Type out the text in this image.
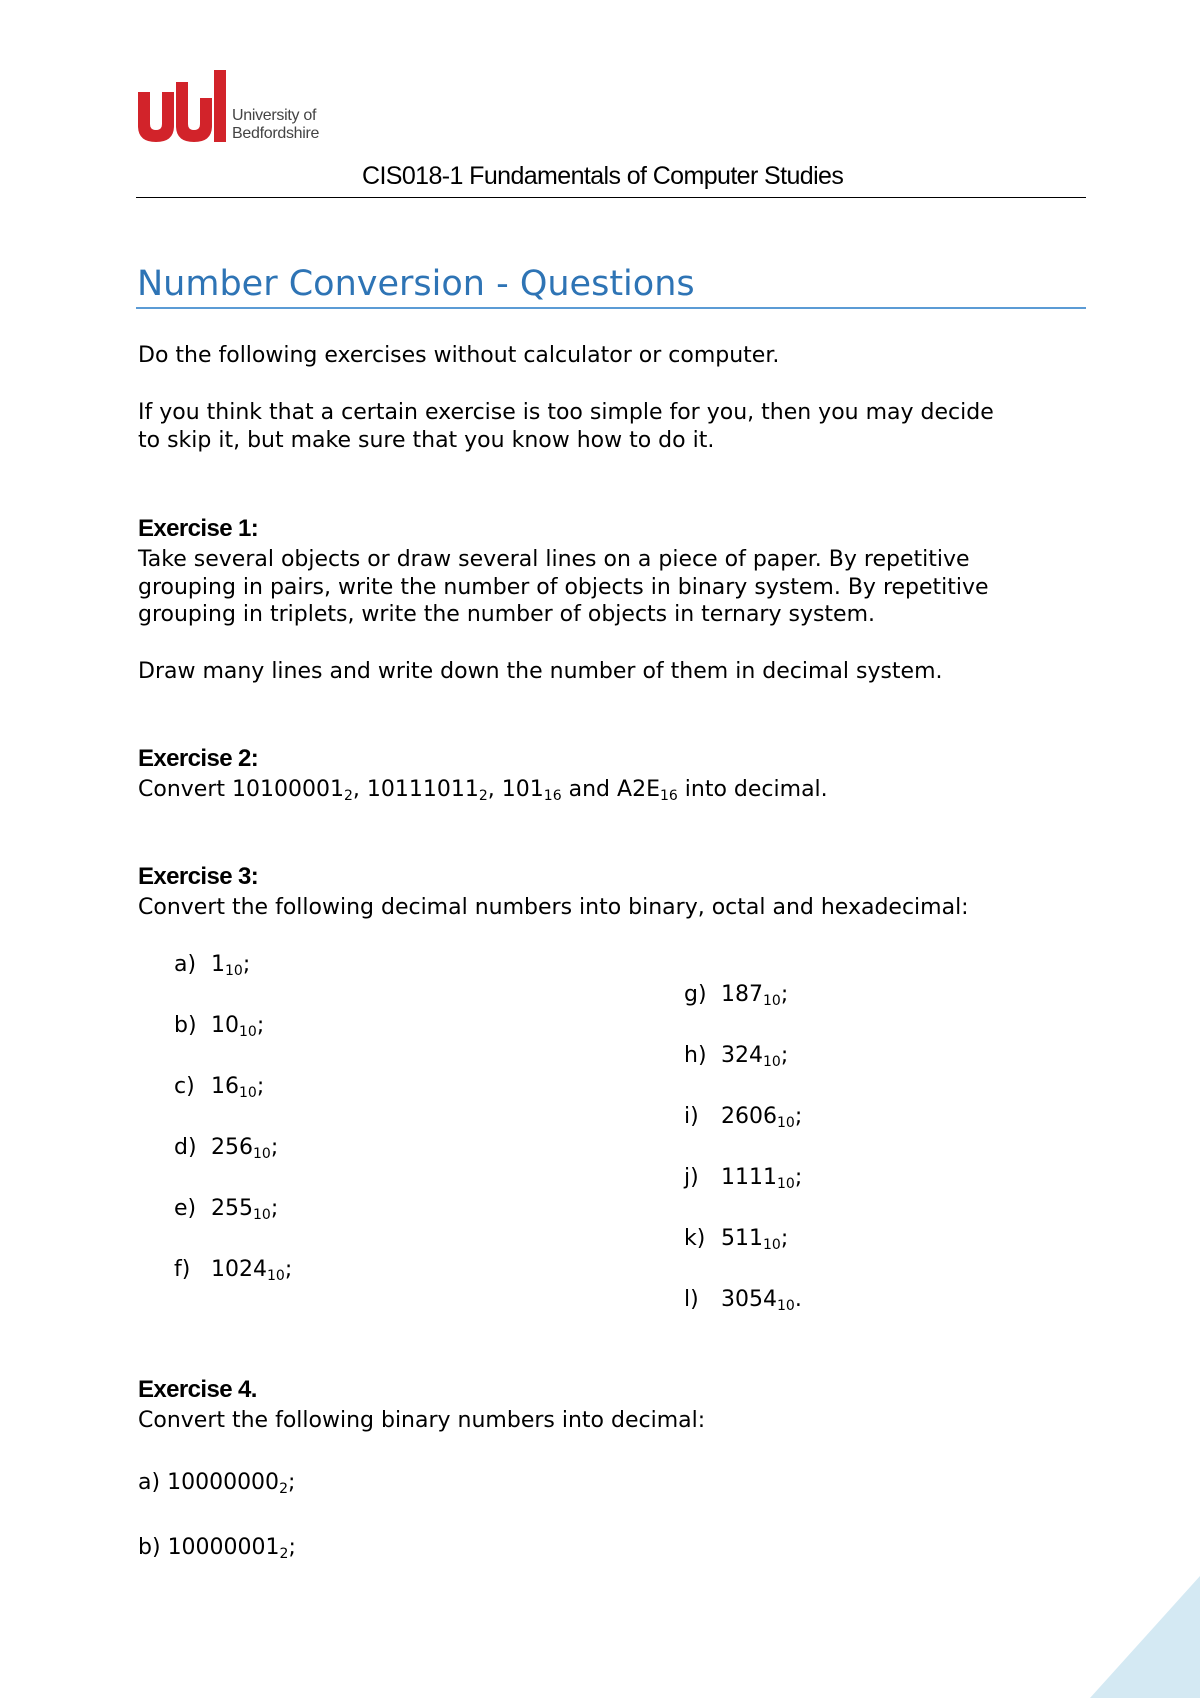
University of
Bedfordshire
CIS018-1 Fundamentals of Computer Studies
Number Conversion - Questions
Do the following exercises without calculator or computer.
If you think that a certain exercise is too simple for you, then you may decide
to skip it, but make sure that you know how to do it.
Exercise 1:
Take several objects or draw several lines on a piece of paper. By repetitive
grouping in pairs, write the number of objects in binary system. By repetitive
grouping in triplets, write the number of objects in ternary system.
Draw many lines and write down the number of them in decimal system.
Exercise 2:
Convert $10100001_2$, $10111011_2$, $101_{16}$ and $A2E_{16}$ into decimal.
Exercise 3:
Convert the following decimal numbers into binary, octal and hexadecimal:
a) $1_{10}$;
b) $10_{10}$;
c) $16_{10}$;
d) $256_{10}$;
e) $255_{10}$;
f) $1024_{10}$;
g) $187_{10}$;
h) $324_{10}$;
i) $2606_{10}$;
j) $1111_{10}$;
k) $511_{10}$;
l) $3054_{10}$.
Exercise 4.
Convert the following binary numbers into decimal:
a) $10000000_2$;
b) $10000001_2$;
